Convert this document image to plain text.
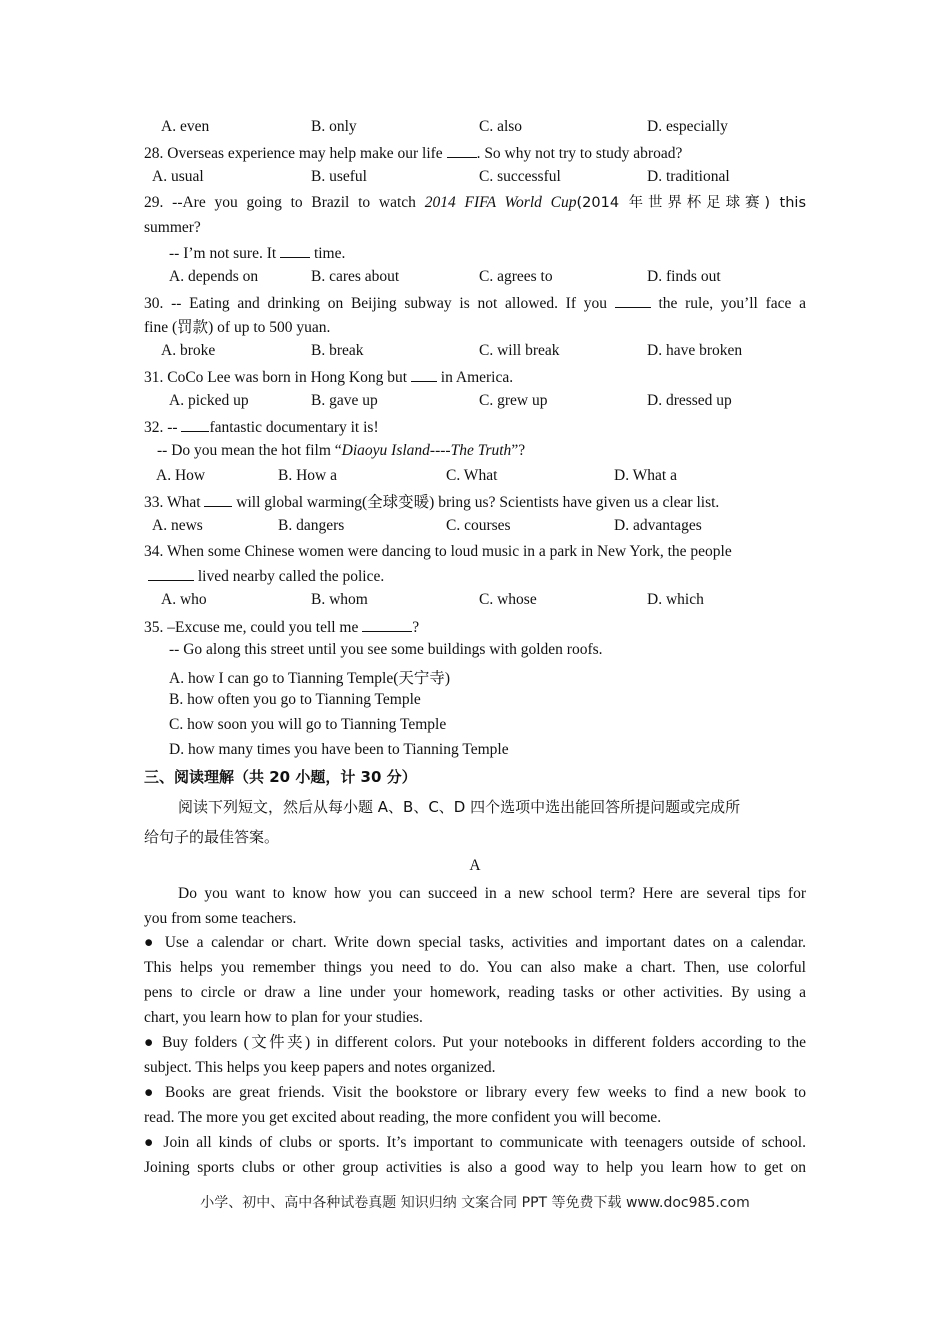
A. even	B. only	C. also	D. especially
28. Overseas experience may help make our life . So why not try to study abroad?
A. usual	B. useful	C. successful	D. traditional
29. --Are you going to Brazil to watch 2014 FIFA World Cup(2014 年世界杯足球赛) this
summer?
-- I’m not sure. It time.
A. depends on	B. cares about	C. agrees to	D. finds out
30. -- Eating and drinking on Beijing subway is not allowed. If you	the rule, you’ll face a
fine (罚款) of up to 500 yuan.
A. broke	B. break	C. will break	D. have broken
31. CoCo Lee was born in Hong Kong but in America.
A. picked up	B. gave up	C. grew up	D. dressed up
32. -- fantastic documentary it is!
-- Do you mean the hot film “Diaoyu Island----The Truth”?
A. How	B. How a	C. What	D. What a
33. What will global warming(全球变暖) bring us? Scientists have given us a clear list.
A. news	B. dangers	C. courses	D. advantages
34. When some Chinese women were dancing to loud music in a park in New York, the people
lived nearby called the police.
A. who	B. whom	C. whose	D. which
35. –Excuse me, could you tell me	?
-- Go along this street until you see some buildings with golden roofs.
A. how I can go to Tianning Temple(天宁寺)
B. how often you go to Tianning Temple
C. how soon you will go to Tianning Temple
D. how many times you have been to Tianning Temple
三、阅读理解（共 20 小题，计 30 分）
阅读下列短文，然后从每小题 A、B、C、D 四个选项中选出能回答所提问题或完成所
给句子的最佳答案。
A
Do you want to know how you can succeed in a new school term? Here are several tips for
you from some teachers.
● Use a calendar or chart. Write down special tasks, activities and important dates on a calendar.
This helps you remember things you need to do. You can also make a chart. Then, use colorful
pens to circle or draw a line under your homework, reading tasks or other activities. By using a
chart, you learn how to plan for your studies.
● Buy folders (文件夹) in different colors. Put your notebooks in different folders according to the
subject. This helps you keep papers and notes organized.
● Books are great friends. Visit the bookstore or library every few weeks to find a new book to
read. The more you get excited about reading, the more confident you will become.
● Join all kinds of clubs or sports. It’s important to communicate with teenagers outside of school.
Joining sports clubs or other group activities is also a good way to help you learn how to get on
小学、初中、高中各种试卷真题 知识归纳 文案合同 PPT 等免费下载 www.doc985.com
